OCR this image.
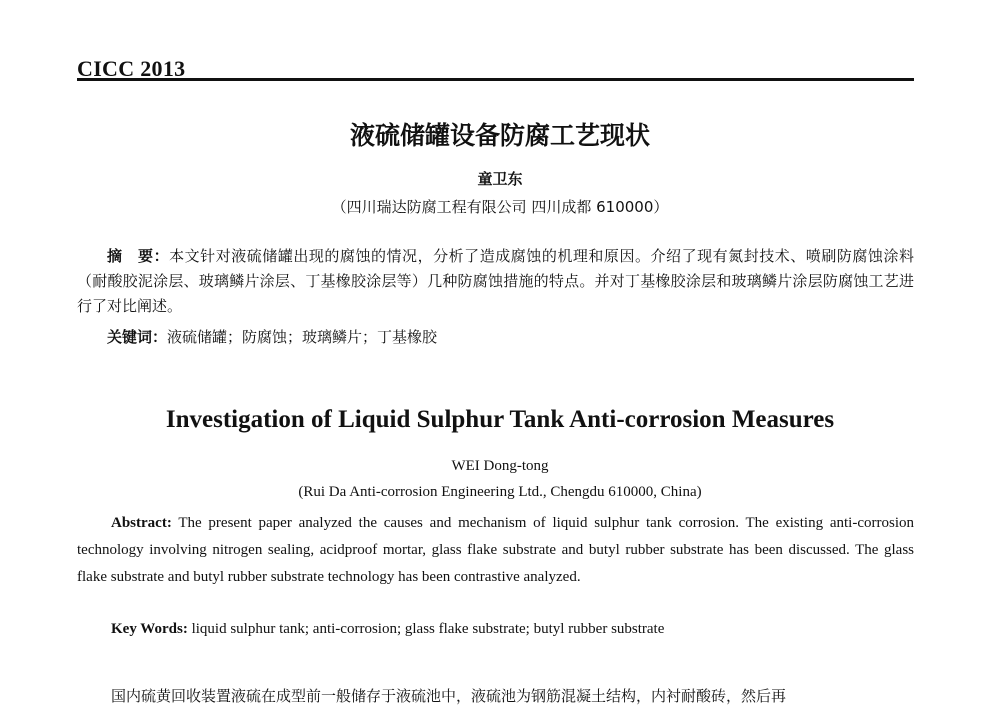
CICC 2013
液硫储罐设备防腐工艺现状
童卫东
（四川瑞达防腐工程有限公司 四川成都 610000）
摘　要：本文针对液硫储罐出现的腐蚀的情况，分析了造成腐蚀的机理和原因。介绍了现有氮封技术、喷刷防腐蚀涂料（耐酸胶泥涂层、玻璃鳞片涂层、丁基橡胶涂层等）几种防腐蚀措施的特点。并对丁基橡胶涂层和玻璃鳞片涂层防腐蚀工艺进行了对比阐述。
关键词：液硫储罐；防腐蚀；玻璃鳞片；丁基橡胶
Investigation of Liquid Sulphur Tank Anti-corrosion Measures
WEI Dong-tong
(Rui Da Anti-corrosion Engineering Ltd., Chengdu 610000, China)
Abstract: The present paper analyzed the causes and mechanism of liquid sulphur tank corrosion. The existing anti-corrosion technology involving nitrogen sealing, acidproof mortar, glass flake substrate and butyl rubber substrate has been discussed. The glass flake substrate and butyl rubber substrate technology has been contrastive analyzed.
Key Words: liquid sulphur tank; anti-corrosion; glass flake substrate; butyl rubber substrate
国内硫黄回收装置液硫在成型前一般储存于液硫池中，液硫池为钢筋混凝土结构，内衬耐酸砖，然后再
